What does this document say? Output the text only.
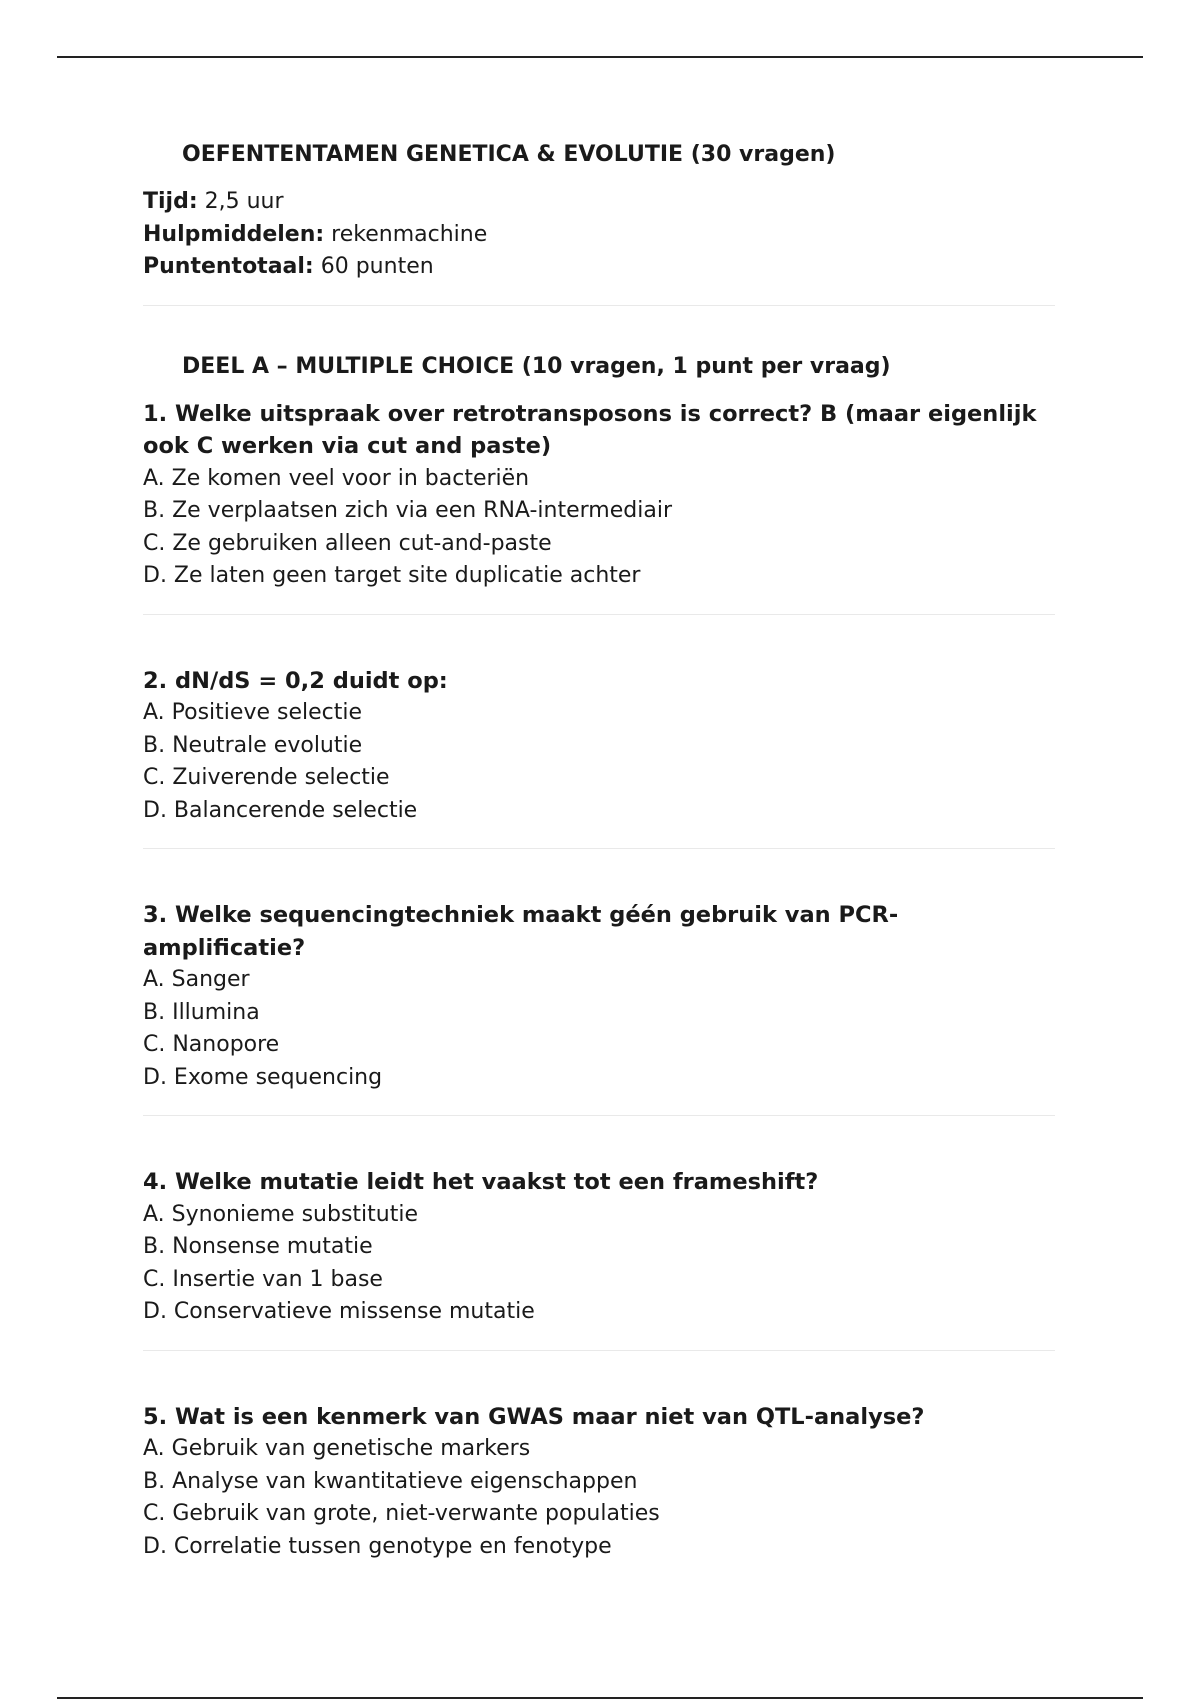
OEFENTENTAMEN GENETICA & EVOLUTIE (30 vragen)
Tijd: 2,5 uur
Hulpmiddelen: rekenmachine
Puntentotaal: 60 punten
DEEL A – MULTIPLE CHOICE (10 vragen, 1 punt per vraag)
1. Welke uitspraak over retrotransposons is correct? B (maar eigenlijk ook C werken via cut and paste)
A. Ze komen veel voor in bacteriën
B. Ze verplaatsen zich via een RNA-intermediair
C. Ze gebruiken alleen cut-and-paste
D. Ze laten geen target site duplicatie achter
2. dN/dS = 0,2 duidt op:
A. Positieve selectie
B. Neutrale evolutie
C. Zuiverende selectie
D. Balancerende selectie
3. Welke sequencingtechniek maakt géén gebruik van PCR-amplificatie?
A. Sanger
B. Illumina
C. Nanopore
D. Exome sequencing
4. Welke mutatie leidt het vaakst tot een frameshift?
A. Synonieme substitutie
B. Nonsense mutatie
C. Insertie van 1 base
D. Conservatieve missense mutatie
5. Wat is een kenmerk van GWAS maar niet van QTL-analyse?
A. Gebruik van genetische markers
B. Analyse van kwantitatieve eigenschappen
C. Gebruik van grote, niet-verwante populaties
D. Correlatie tussen genotype en fenotype
